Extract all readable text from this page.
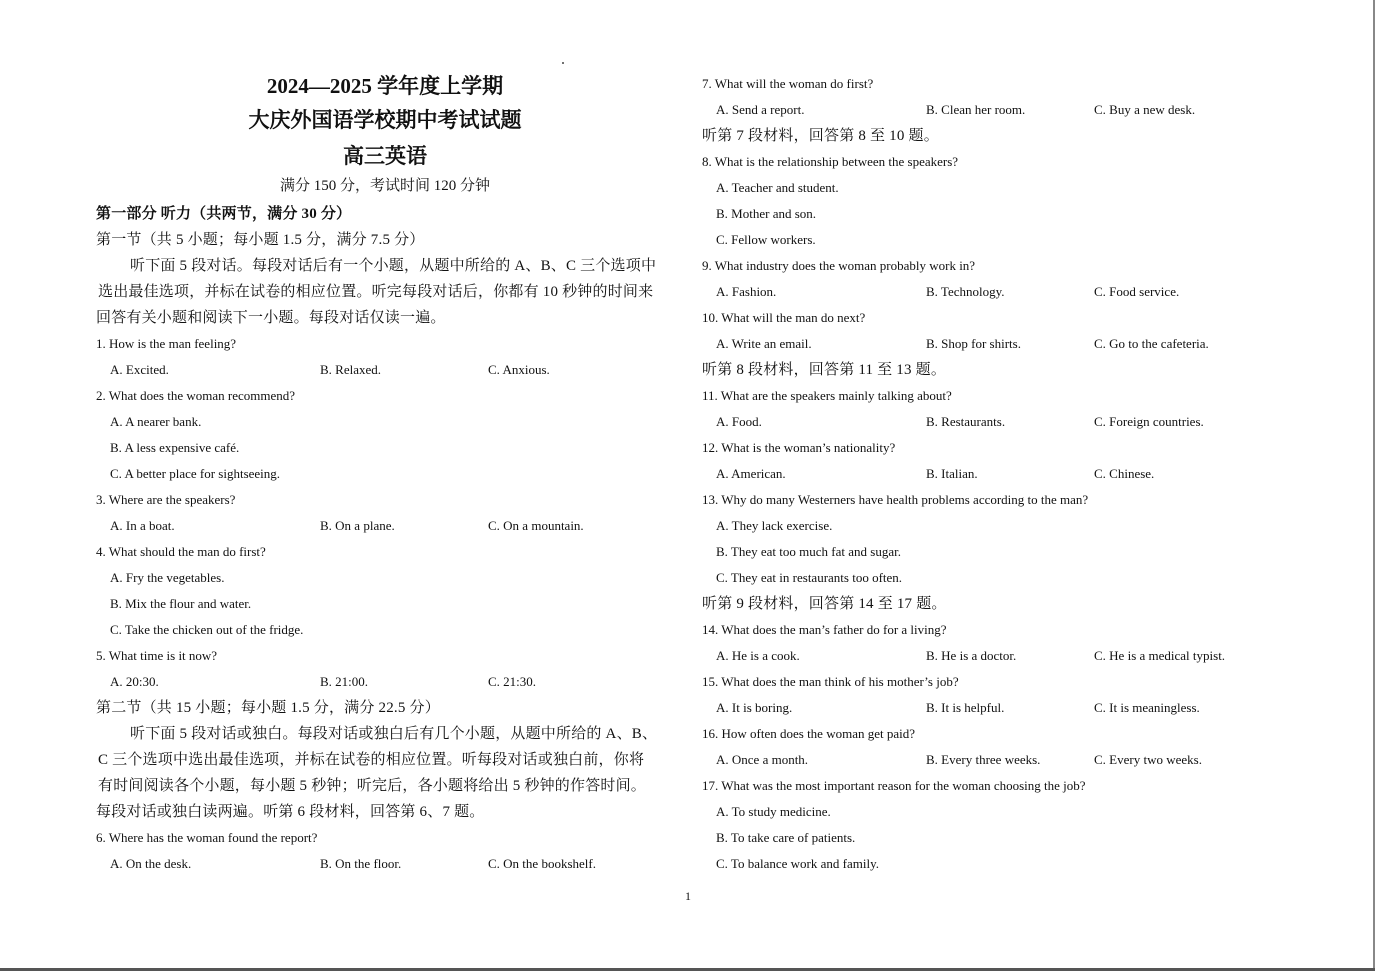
2024—2025 学年度上学期
大庆外国语学校期中考试试题
高三英语
满分 150 分，考试时间 120 分钟
第一部分 听力（共两节，满分 30 分）
第一节（共 5 小题；每小题 1.5 分，满分 7.5 分）
听下面 5 段对话。每段对话后有一个小题，从题中所给的 A、B、C 三个选项中
选出最佳选项，并标在试卷的相应位置。听完每段对话后，你都有 10 秒钟的时间来
回答有关小题和阅读下一小题。每段对话仅读一遍。
1. How is the man feeling?
A. Excited.	B. Relaxed.	C. Anxious.
2. What does the woman recommend?
A. A nearer bank.
B. A less expensive café.
C. A better place for sightseeing.
3. Where are the speakers?
A. In a boat.	B. On a plane.	C. On a mountain.
4. What should the man do first?
A. Fry the vegetables.
B. Mix the flour and water.
C. Take the chicken out of the fridge.
5. What time is it now?
A. 20:30.	B. 21:00.	C. 21:30.
第二节（共 15 小题；每小题 1.5 分，满分 22.5 分）
听下面 5 段对话或独白。每段对话或独白后有几个小题，从题中所给的 A、B、
C 三个选项中选出最佳选项，并标在试卷的相应位置。听每段对话或独白前，你将
有时间阅读各个小题，每小题 5 秒钟；听完后，各小题将给出 5 秒钟的作答时间。
每段对话或独白读两遍。听第 6 段材料，回答第 6、7 题。
6. Where has the woman found the report?
A. On the desk.	B. On the floor.	C. On the bookshelf.
7. What will the woman do first?
A. Send a report.	B. Clean her room.	C. Buy a new desk.
听第 7 段材料，回答第 8 至 10 题。
8. What is the relationship between the speakers?
A. Teacher and student.
B. Mother and son.
C. Fellow workers.
9. What industry does the woman probably work in?
A. Fashion.	B. Technology.	C. Food service.
10. What will the man do next?
A. Write an email.	B. Shop for shirts.	C. Go to the cafeteria.
听第 8 段材料，回答第 11 至 13 题。
11. What are the speakers mainly talking about?
A. Food.	B. Restaurants.	C. Foreign countries.
12. What is the woman’s nationality?
A. American.	B. Italian.	C. Chinese.
13. Why do many Westerners have health problems according to the man?
A. They lack exercise.
B. They eat too much fat and sugar.
C. They eat in restaurants too often.
听第 9 段材料，回答第 14 至 17 题。
14. What does the man’s father do for a living?
A. He is a cook.	B. He is a doctor.	C. He is a medical typist.
15. What does the man think of his mother’s job?
A. It is boring.	B. It is helpful.	C. It is meaningless.
16. How often does the woman get paid?
A. Once a month.	B. Every three weeks.	C. Every two weeks.
17. What was the most important reason for the woman choosing the job?
A. To study medicine.
B. To take care of patients.
C. To balance work and family.
1
